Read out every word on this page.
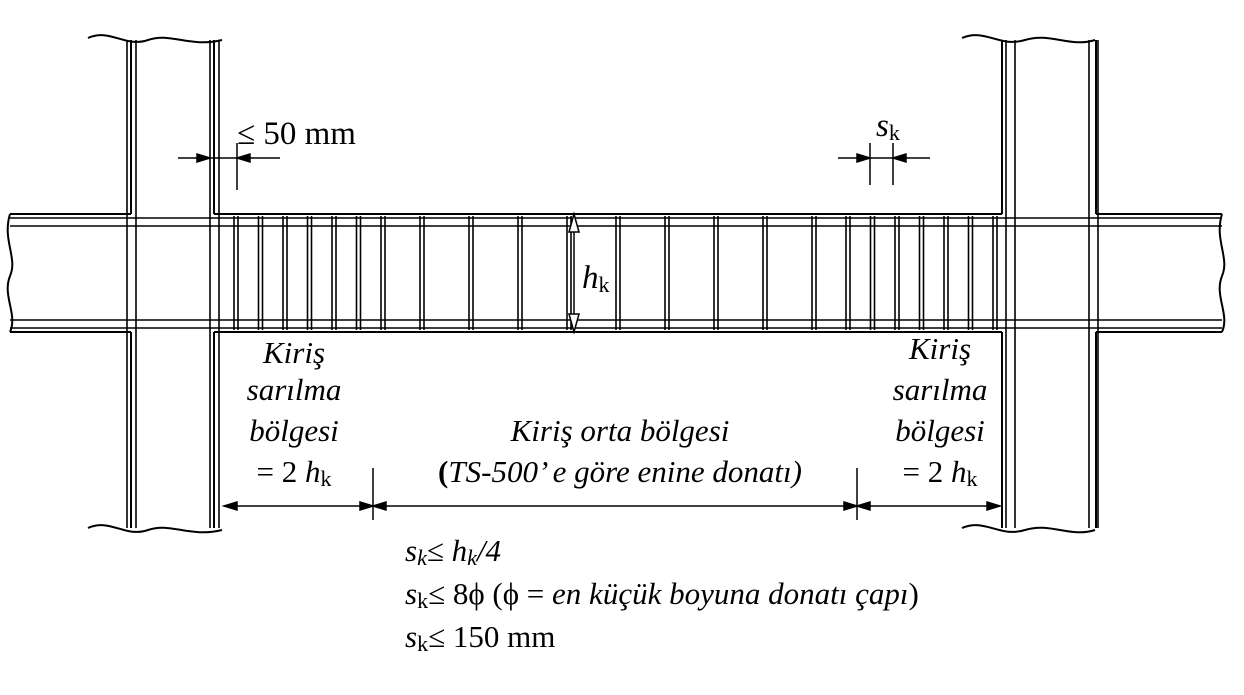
≤ 50 mm	sk
hk
Kiriş
sarılma
bölgesi
= 2 hk
Kiriş orta bölgesi
(TS-500’ e göre enine donatı)
Kiriş
sarılma
bölgesi
= 2 hk
sk≤ hk/4
sk≤ 8ϕ (ϕ = en küçük boyuna donatı çapı)
sk≤ 150 mm
